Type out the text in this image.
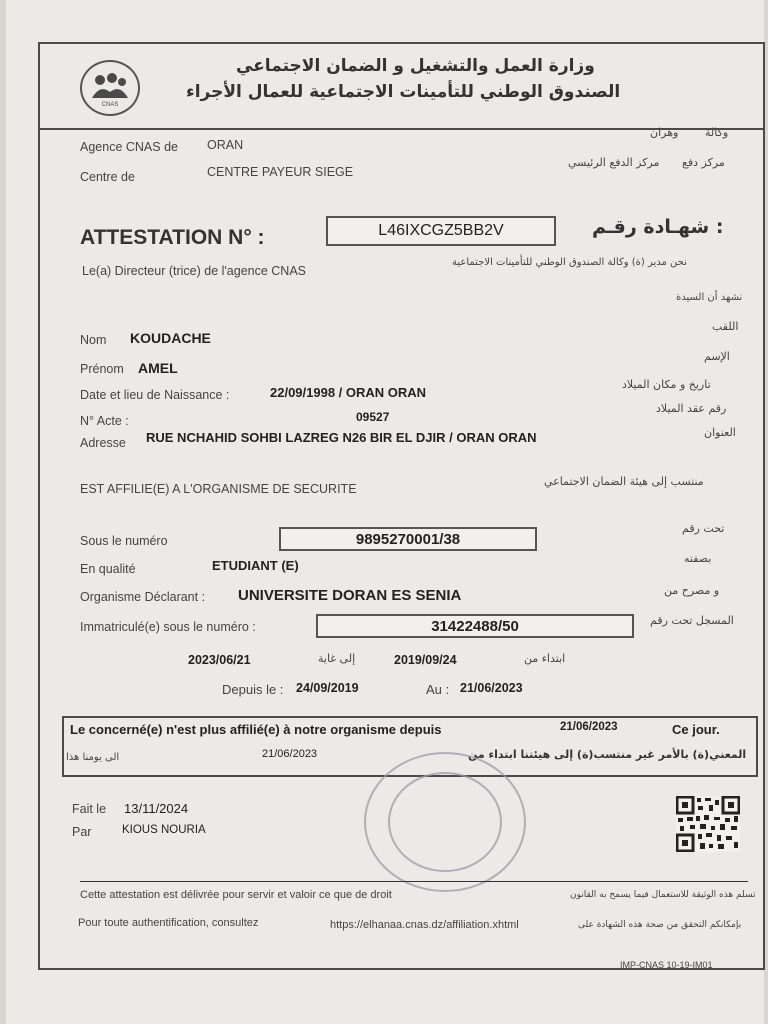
CNAS
وزارة العمل والتشغيل و الضمان الاجتماعي
الصندوق الوطني للتأمينات الاجتماعية للعمال الأجراء
Agence CNAS de ORAN
وهران وكالة
Centre de	CENTRE PAYEUR SIEGE
مركز الدفع الرئيسي مركز دفع
ATTESTATION N° :	L46IXCGZ5BB2V	: شهـادة رقـم
Le(a) Directeur (trice) de l'agence CNAS
نحن مدير (ة) وكالة الصندوق الوطني للتأمينات الاجتماعية
نشهد أن السيدة
Nom KOUDACHE
اللقب
Prénom AMEL
الإسم
Date et lieu de Naissance :	22/09/1998 / ORAN ORAN
تاريخ و مكان الميلاد
N° Acte :	09527
رقم عقد الميلاد
Adresse RUE NCHAHID SOHBI LAZREG N26 BIR EL DJIR / ORAN ORAN	العنوان
EST AFFILIE(E) A L'ORGANISME DE SECURITE
منتسب إلى هيئة الضمان الاجتماعي
Sous le numéro	9895270001/38
تحت رقم
En qualité	ETUDIANT (E)	بصفته
Organisme Déclarant : UNIVERSITE DORAN ES SENIA	و مصرح من
Immatriculé(e) sous le numéro :	31422488/50	المسجل تحت رقم
2023/06/21	إلى غاية	2019/09/24	ابتداء من
Depuis le : 24/09/2019	Au : 21/06/2023
Le concerné(e) n'est plus affilié(e) à notre organisme depuis	21/06/2023	Ce jour.
المعني(ة) بالأمر غير منتسب(ة) إلى هيئتنا ابتداء من
21/06/2023
الى يومنا هذا
Fait le 13/11/2024
Par	KIOUS NOURIA
Cette attestation est délivrée pour servir et valoir ce que de droit	تسلم هذه الوثيقة للاستعمال فيما يسمح به القانون
Pour toute authentification, consultez	https://elhanaa.cnas.dz/affiliation.xhtml	بإمكانكم التحقق من صحة هذه الشهادة على
IMP-CNAS 10-19-IM01
